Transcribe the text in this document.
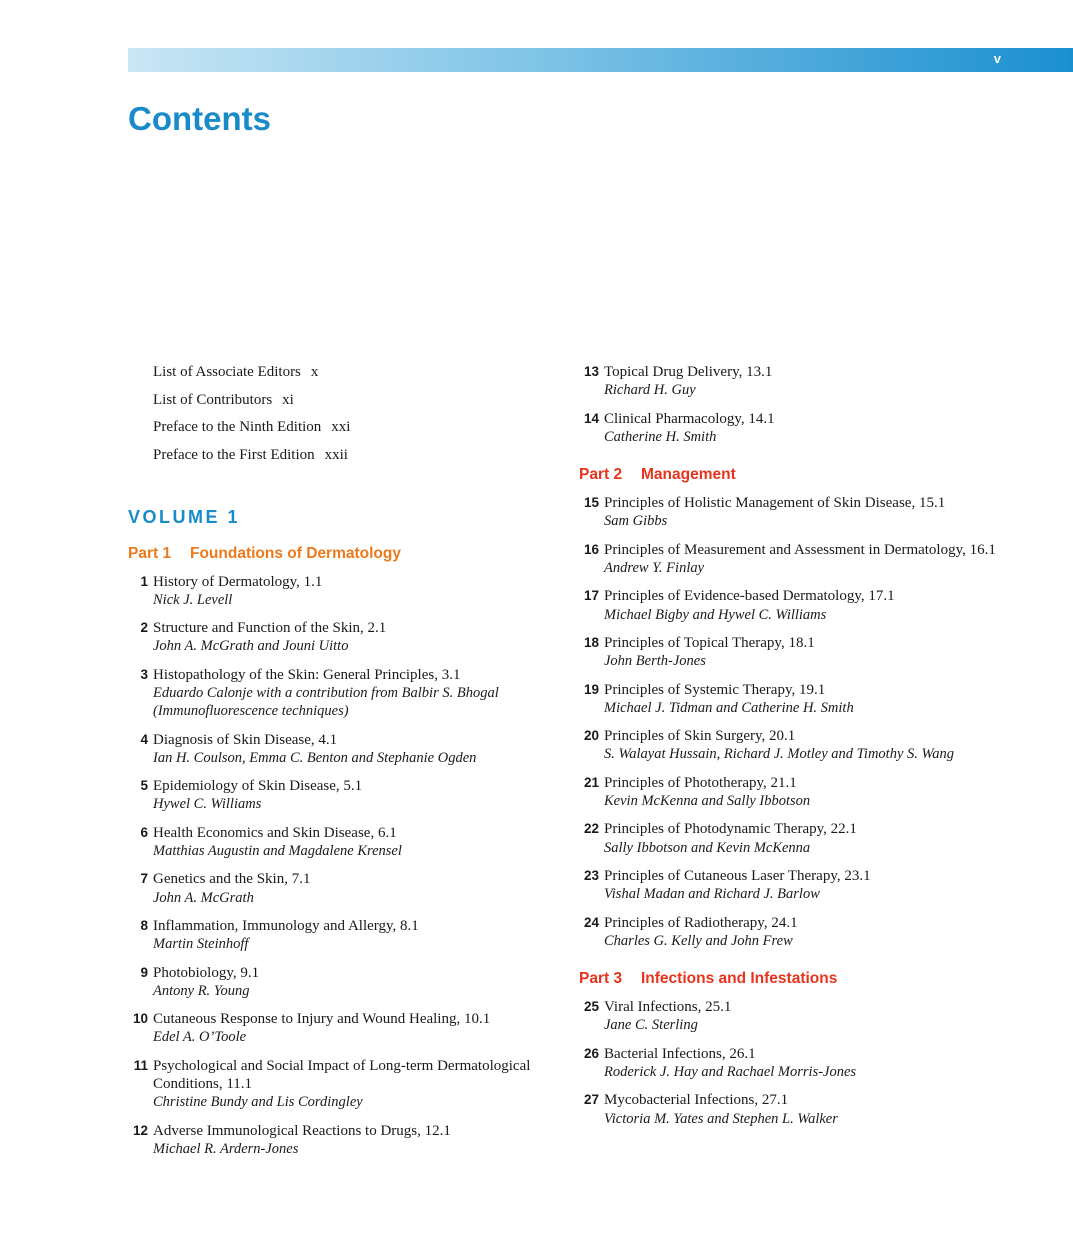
v
Contents
List of Associate Editors x
List of Contributors xi
Preface to the Ninth Edition xxi
Preface to the First Edition xxii
VOLUME 1
Part 1 Foundations of Dermatology
1 History of Dermatology, 1.1
Nick J. Levell
2 Structure and Function of the Skin, 2.1
John A. McGrath and Jouni Uitto
3 Histopathology of the Skin: General Principles, 3.1
Eduardo Calonje with a contribution from Balbir S. Bhogal (Immunofluorescence techniques)
4 Diagnosis of Skin Disease, 4.1
Ian H. Coulson, Emma C. Benton and Stephanie Ogden
5 Epidemiology of Skin Disease, 5.1
Hywel C. Williams
6 Health Economics and Skin Disease, 6.1
Matthias Augustin and Magdalene Krensel
7 Genetics and the Skin, 7.1
John A. McGrath
8 Inflammation, Immunology and Allergy, 8.1
Martin Steinhoff
9 Photobiology, 9.1
Antony R. Young
10 Cutaneous Response to Injury and Wound Healing, 10.1
Edel A. O’Toole
11 Psychological and Social Impact of Long-term Dermatological Conditions, 11.1
Christine Bundy and Lis Cordingley
12 Adverse Immunological Reactions to Drugs, 12.1
Michael R. Ardern-Jones
13 Topical Drug Delivery, 13.1
Richard H. Guy
14 Clinical Pharmacology, 14.1
Catherine H. Smith
Part 2 Management
15 Principles of Holistic Management of Skin Disease, 15.1
Sam Gibbs
16 Principles of Measurement and Assessment in Dermatology, 16.1
Andrew Y. Finlay
17 Principles of Evidence-based Dermatology, 17.1
Michael Bigby and Hywel C. Williams
18 Principles of Topical Therapy, 18.1
John Berth-Jones
19 Principles of Systemic Therapy, 19.1
Michael J. Tidman and Catherine H. Smith
20 Principles of Skin Surgery, 20.1
S. Walayat Hussain, Richard J. Motley and Timothy S. Wang
21 Principles of Phototherapy, 21.1
Kevin McKenna and Sally Ibbotson
22 Principles of Photodynamic Therapy, 22.1
Sally Ibbotson and Kevin McKenna
23 Principles of Cutaneous Laser Therapy, 23.1
Vishal Madan and Richard J. Barlow
24 Principles of Radiotherapy, 24.1
Charles G. Kelly and John Frew
Part 3 Infections and Infestations
25 Viral Infections, 25.1
Jane C. Sterling
26 Bacterial Infections, 26.1
Roderick J. Hay and Rachael Morris-Jones
27 Mycobacterial Infections, 27.1
Victoria M. Yates and Stephen L. Walker
